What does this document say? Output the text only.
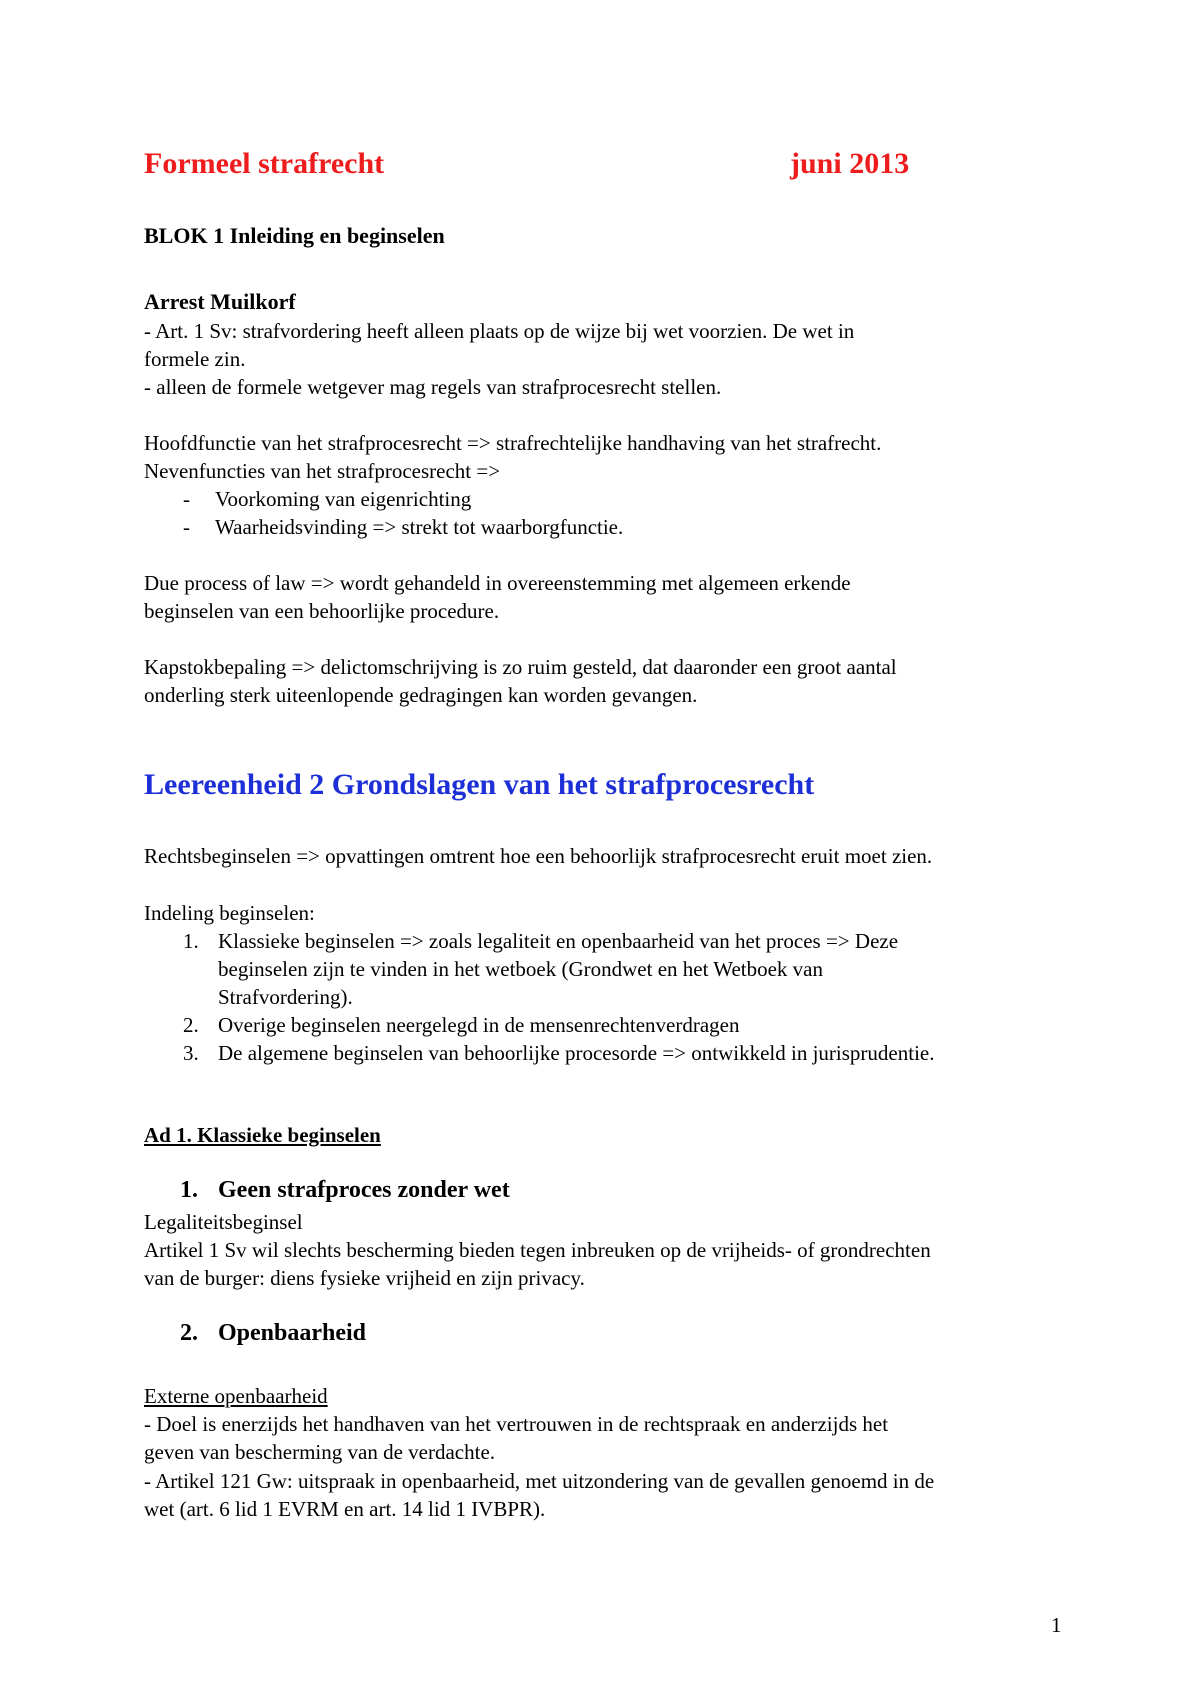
Formeel strafrecht	juni 2013
BLOK 1 Inleiding en beginselen
Arrest Muilkorf
- Art. 1 Sv: strafvordering heeft alleen plaats op de wijze bij wet voorzien. De wet in
formele zin.
- alleen de formele wetgever mag regels van strafprocesrecht stellen.
Hoofdfunctie van het strafprocesrecht => strafrechtelijke handhaving van het strafrecht.
Nevenfuncties van het strafprocesrecht =>
- Voorkoming van eigenrichting
- Waarheidsvinding => strekt tot waarborgfunctie.
Due process of law => wordt gehandeld in overeenstemming met algemeen erkende
beginselen van een behoorlijke procedure.
Kapstokbepaling => delictomschrijving is zo ruim gesteld, dat daaronder een groot aantal
onderling sterk uiteenlopende gedragingen kan worden gevangen.
Leereenheid 2 Grondslagen van het strafprocesrecht
Rechtsbeginselen => opvattingen omtrent hoe een behoorlijk strafprocesrecht eruit moet zien.
Indeling beginselen:
1. Klassieke beginselen => zoals legaliteit en openbaarheid van het proces => Deze
beginselen zijn te vinden in het wetboek (Grondwet en het Wetboek van
Strafvordering).
2. Overige beginselen neergelegd in de mensenrechtenverdragen
3. De algemene beginselen van behoorlijke procesorde => ontwikkeld in jurisprudentie.
Ad 1. Klassieke beginselen
1. Geen strafproces zonder wet
Legaliteitsbeginsel
Artikel 1 Sv wil slechts bescherming bieden tegen inbreuken op de vrijheids- of grondrechten
van de burger: diens fysieke vrijheid en zijn privacy.
2. Openbaarheid
Externe openbaarheid
- Doel is enerzijds het handhaven van het vertrouwen in de rechtspraak en anderzijds het
geven van bescherming van de verdachte.
- Artikel 121 Gw: uitspraak in openbaarheid, met uitzondering van de gevallen genoemd in de
wet (art. 6 lid 1 EVRM en art. 14 lid 1 IVBPR).
1
